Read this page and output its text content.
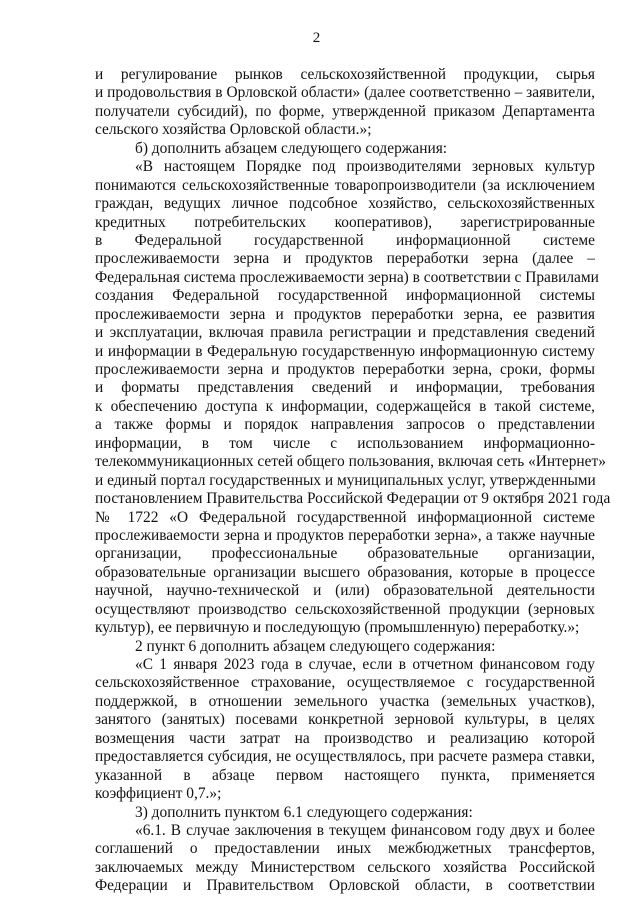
2
и регулирование рынков сельскохозяйственной продукции, сырья
и продовольствия в Орловской области» (далее соответственно – заявители,
получатели субсидий), по форме, утвержденной приказом Департамента
сельского хозяйства Орловской области.»;
б) дополнить абзацем следующего содержания:
«В настоящем Порядке под производителями зерновых культур
понимаются сельскохозяйственные товаропроизводители (за исключением
граждан, ведущих личное подсобное хозяйство, сельскохозяйственных
кредитных потребительских кооперативов), зарегистрированные
в Федеральной государственной информационной системе
прослеживаемости зерна и продуктов переработки зерна (далее –
Федеральная система прослеживаемости зерна) в соответствии с Правилами
создания Федеральной государственной информационной системы
прослеживаемости зерна и продуктов переработки зерна, ее развития
и эксплуатации, включая правила регистрации и представления сведений
и информации в Федеральную государственную информационную систему
прослеживаемости зерна и продуктов переработки зерна, сроки, формы
и форматы представления сведений и информации, требования
к обеспечению доступа к информации, содержащейся в такой системе,
а также формы и порядок направления запросов о представлении
информации, в том числе с использованием информационно-
телекоммуникационных сетей общего пользования, включая сеть «Интернет»
и единый портал государственных и муниципальных услуг, утвержденными
постановлением Правительства Российской Федерации от 9 октября 2021 года
№ 1722 «О Федеральной государственной информационной системе
прослеживаемости зерна и продуктов переработки зерна», а также научные
организации, профессиональные образовательные организации,
образовательные организации высшего образования, которые в процессе
научной, научно-технической и (или) образовательной деятельности
осуществляют производство сельскохозяйственной продукции (зерновых
культур), ее первичную и последующую (промышленную) переработку.»;
2 пункт 6 дополнить абзацем следующего содержания:
«С 1 января 2023 года в случае, если в отчетном финансовом году
сельскохозяйственное страхование, осуществляемое с государственной
поддержкой, в отношении земельного участка (земельных участков),
занятого (занятых) посевами конкретной зерновой культуры, в целях
возмещения части затрат на производство и реализацию которой
предоставляется субсидия, не осуществлялось, при расчете размера ставки,
указанной в абзаце первом настоящего пункта, применяется
коэффициент 0,7.»;
3) дополнить пунктом 6.1 следующего содержания:
«6.1. В случае заключения в текущем финансовом году двух и более
соглашений о предоставлении иных межбюджетных трансфертов,
заключаемых между Министерством сельского хозяйства Российской
Федерации и Правительством Орловской области, в соответствии
